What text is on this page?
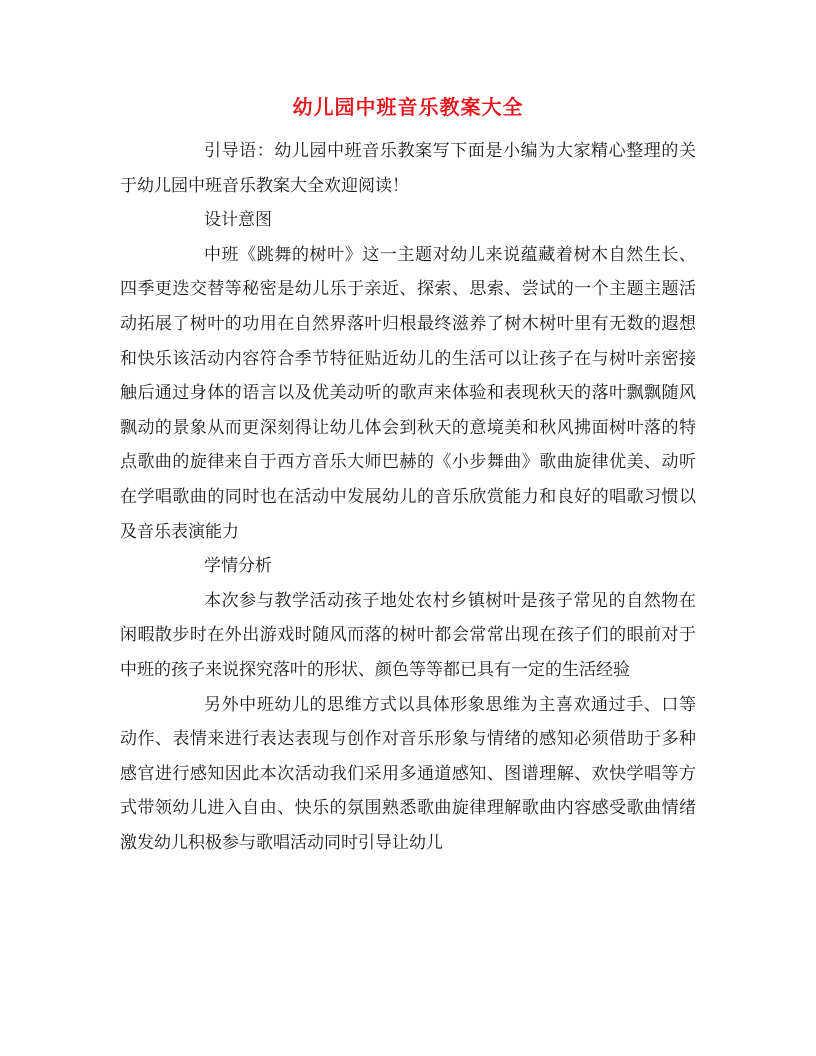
幼儿园中班音乐教案大全

引导语：幼儿园中班音乐教案写下面是小编为大家精心整理的关于幼儿园中班音乐教案大全欢迎阅读！

设计意图

中班《跳舞的树叶》这一主题对幼儿来说蕴藏着树木自然生长、四季更迭交替等秘密是幼儿乐于亲近、探索、思索、尝试的一个主题主题活动拓展了树叶的功用在自然界落叶归根最终滋养了树木树叶里有无数的遐想和快乐该活动内容符合季节特征贴近幼儿的生活可以让孩子在与树叶亲密接触后通过身体的语言以及优美动听的歌声来体验和表现秋天的落叶飘飘随风飘动的景象从而更深刻得让幼儿体会到秋天的意境美和秋风拂面树叶落的特点歌曲的旋律来自于西方音乐大师巴赫的《小步舞曲》歌曲旋律优美、动听在学唱歌曲的同时也在活动中发展幼儿的音乐欣赏能力和良好的唱歌习惯以及音乐表演能力

学情分析

本次参与教学活动孩子地处农村乡镇树叶是孩子常见的自然物在闲暇散步时在外出游戏时随风而落的树叶都会常常出现在孩子们的眼前对于中班的孩子来说探究落叶的形状、颜色等等都已具有一定的生活经验

另外中班幼儿的思维方式以具体形象思维为主喜欢通过手、口等动作、表情来进行表达表现与创作对音乐形象与情绪的感知必须借助于多种感官进行感知因此本次活动我们采用多通道感知、图谱理解、欢快学唱等方式带领幼儿进入自由、快乐的氛围熟悉歌曲旋律理解歌曲内容感受歌曲情绪激发幼儿积极参与歌唱活动同时引导让幼儿
